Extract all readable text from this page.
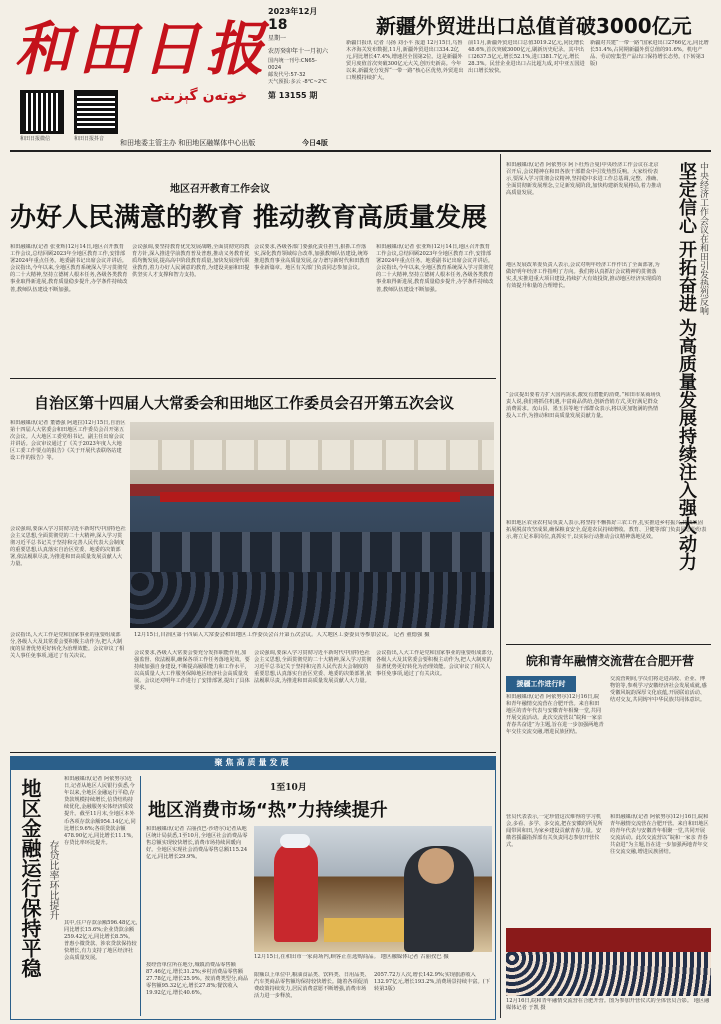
和田日报
خوتەن گېزىتى
和田日报微信	和田日报抖音
2023年12月
18
星期一
农历癸卯年十一月初六
国内统一刊号:CN65-0024
邮发代号:57-32
天气预报:多云 -8℃~2℃
第 13155 期
和田地委主管主办 和田地区融媒体中心出版	今日4版
新疆外贸进出口总值首破3000亿元
新疆日报讯 记者 马扬 刘小平 报道 12月15日,乌鲁木齐海关发布数据,11月,新疆外贸进出口334.2亿元,同比增长47.4%,增速居全国第2位。这是新疆外贸月度值首次突破300亿元大关,创历史新高。今年以来,新疆充分发挥“一带一路”核心区优势,外贸进出口规模持续扩大。
前11月,新疆外贸进出口总值3019.2亿元,同比增长48.6%,首次突破3000亿元,刷新历史纪录。其中出口2637.5亿元,增长52.1%,进口381.7亿元,增长28.3%。民营企业进出口占比超九成,对中亚五国进出口增长较快。
新疆对共建“一带一路”国家进出口2766亿元,同比增长51.4%,占同期新疆外贸总值的91.6%。机电产品、劳动密集型产品出口保持增长态势。(下转第3版)
地区召开教育工作会议
办好人民满意的教育 推动教育高质量发展
和田融媒讯(记者 张亚辉)12月14日,地区召开教育工作会议,总结回顾2023年全地区教育工作,安排部署2024年重点任务。地委副书记出席会议并讲话。会议指出,今年以来,全地区教育系统深入学习贯彻党的二十大精神,坚持立德树人根本任务,各级各类教育事业取得新进展,教育质量稳步提升,办学条件持续改善,教师队伍建设不断加强。
会议强调,要坚持教育优先发展战略,全面贯彻党的教育方针,深入推进学前教育普及普惠,推动义务教育优质均衡发展,提高高中阶段教育质量,加快发展现代职业教育,着力办好人民满意的教育,为建设美丽和田提供坚实人才支撑和智力支持。
会议要求,各级各部门要强化责任担当,狠抓工作落实,深化教育领域综合改革,加强教师队伍建设,统筹推进教育事业高质量发展,奋力谱写新时代和田教育事业新篇章。地区有关部门负责同志参加会议。
和田融媒讯(记者 张亚辉)12月14日,地区召开教育工作会议,总结回顾2023年全地区教育工作,安排部署2024年重点任务。地委副书记出席会议并讲话。会议指出,今年以来,全地区教育系统深入学习贯彻党的二十大精神,坚持立德树人根本任务,各级各类教育事业取得新进展,教育质量稳步提升,办学条件持续改善,教师队伍建设不断加强。
自治区第十四届人大常委会和田地区工作委员会召开第五次会议
和田融媒讯(记者 董德强 阿迪拉)12月15日,自治区第十四届人大常委会和田地区工作委员会召开第五次会议。人大地区工委党组书记、副主任出席会议并讲话。会议审议通过了《关于2023年度人大地区工委工作要点的报告》《关于开展代表联络站建设工作的报告》等。
会议强调,要深入学习贯彻习近平新时代中国特色社会主义思想,全面贯彻党的二十大精神,深入学习贯彻习近平总书记关于坚持和完善人民代表大会制度的重要思想,认真落实自治区党委、地委的决策部署,依法履职尽责,为推进和田高质量发展贡献人大力量。
会议指出,人大工作是党和国家事业的重要组成部分,各级人大及其常委会要积极主动作为,把人大制度的显著优势更好转化为治理效能。会议审议了相关人事任免事项,通过了有关决议。
12月15日,自治区第十四届人大常委会和田地区工作委员会召开第五次会议。人大地区工委委员等参加会议。 记者 董德强 摄
会议要求,各级人大常委会要充分发挥职能作用,加强监督、依法履职,确保各项工作任务落地见效。要持续加强自身建设,不断提高履职能力和工作水平,以高质量人大工作服务保障地区经济社会高质量发展。会议还对明年工作进行了安排部署,提出了具体要求。
会议强调,要深入学习贯彻习近平新时代中国特色社会主义思想,全面贯彻党的二十大精神,深入学习贯彻习近平总书记关于坚持和完善人民代表大会制度的重要思想,认真落实自治区党委、地委的决策部署,依法履职尽责,为推进和田高质量发展贡献人大力量。
会议指出,人大工作是党和国家事业的重要组成部分,各级人大及其常委会要积极主动作为,把人大制度的显著优势更好转化为治理效能。会议审议了相关人事任免事项,通过了有关决议。
和田融媒讯(记者 阿依努尔 阿卜杜热合曼)中央经济工作会议在北京召开后,会议精神在和田各族干部群众中引发热烈反响。大家纷纷表示,要深入学习贯彻会议精神,坚持稳中求进工作总基调,完整、准确、全面贯彻新发展理念,立足新发展阶段,加快构建新发展格局,着力推动高质量发展。
地区发展改革委负责人表示,会议对明年经济工作作出了全面部署,为做好明年经济工作指明了方向。我们将认真抓好会议精神的贯彻落实,扎实推进重大项目建设,持续扩大有效投资,推动地区经济实现质的有效提升和量的合理增长。
“会议提出要着力扩大国内需求,激发有潜能的消费。”和田市某商场负责人说,我们将抓住机遇,丰富商品供给,创新营销方式,更好满足群众消费需求。皮山县、墨玉县等地干部群众表示,将以更加饱满的热情投入工作,为推动和田高质量发展贡献力量。
和田地区农业农村局负责人表示,将坚持不懈抓好三农工作,扎实推进乡村振兴,持续巩固拓展脱贫攻坚成果,确保粮食安全,促进农民持续增收。教育、卫健等部门负责同志纷纷表示,将立足本职岗位,真抓实干,以实际行动推动会议精神落地见效。	坚定信心 开拓奋进 为高质量发展持续注入强大动力 中央经济工作会议在和田引发热烈反响
皖和青年融情交流营在合肥开营
援疆工作进行时
和田融媒讯(记者 阿依努尔)12月16日,皖和青年融情交流营在合肥开营。来自和田地区的青年代表与安徽青年相聚一堂,共同开展交流活动。此次交流营以“皖和一家亲 青春共奋进”为主题,旨在进一步加强两地青年交往交流交融,增进民族团结。
交流营期间,学员们将走进高校、企业、博物馆等,参观学习安徽经济社会发展成就,感受徽风皖韵深厚文化底蕴,开展联谊活动、结对交友,共同铸牢中华民族共同体意识。
营员代表表示,一定珍惜这次难得的学习机会,多看、多学、多交流,把在安徽的所见所闻带回和田,为家乡建设贡献青春力量。安徽省援疆指挥部有关负责同志参加开营仪式。
和田融媒讯(记者 阿依努尔)12月16日,皖和青年融情交流营在合肥开营。来自和田地区的青年代表与安徽青年相聚一堂,共同开展交流活动。此次交流营以“皖和一家亲 青春共奋进”为主题,旨在进一步加强两地青年交往交流交融,增进民族团结。
12月16日,皖和青年融情交流营在合肥开营。图为参加开营仪式的全体营员合影。 地区融媒体记者 于凯 摄
聚焦高质量发展
地区金融运行保持平稳 存贷比率环比提升
和田融媒讯(记者 阿依努尔)近日,记者从地区人民银行获悉,今年以来,全地区金融运行平稳,存贷款规模持续增长,信贷结构持续优化,金融服务实体经济质效提升。截至11月末,全地区本外币各项存款余额954.14亿元,同比增长9.6%;各项贷款余额478.90亿元,同比增长11.1%,存贷比率环比提升。
其中,住户存款余额596.48亿元,同比增长15.6%;企业贷款余额259.42亿元,同比增长8.5%。普惠小微贷款、涉农贷款保持较快增长,有力支持了地区经济社会高质量发展。
1至10月
地区消费市场“热”力持续提升
和田融媒讯(记者 古丽孜巴·沙塔尔)记者从地区统计局获悉,1至10月,全地区社会消费品零售总额实现较快增长,消费市场持续回暖向好。全地区实现社会消费品零售总额115.24亿元,同比增长29.9%。
按经营单位所在地分,城镇消费品零售额87.46亿元,增长31.2%;乡村消费品零售额27.78亿元,增长25.9%。按消费类型分,商品零售额95.32亿元,增长27.8%;餐饮收入19.92亿元,增长40.6%。
12月15日,在和田市一家商场内,顾客正在选购商品。 地区融媒体记者 古丽孜巴 摄
限额以上单位中,粮油食品类、饮料类、日用品类、汽车类商品零售额均保持较快增长。随着各项促消费政策持续发力,居民消费意愿不断增强,消费市场活力进一步释放。
2057.72万人次,增长142.9%;实现旅游收入132.97亿元,增长193.2%,消费场景持续丰富。(下转第3版)
